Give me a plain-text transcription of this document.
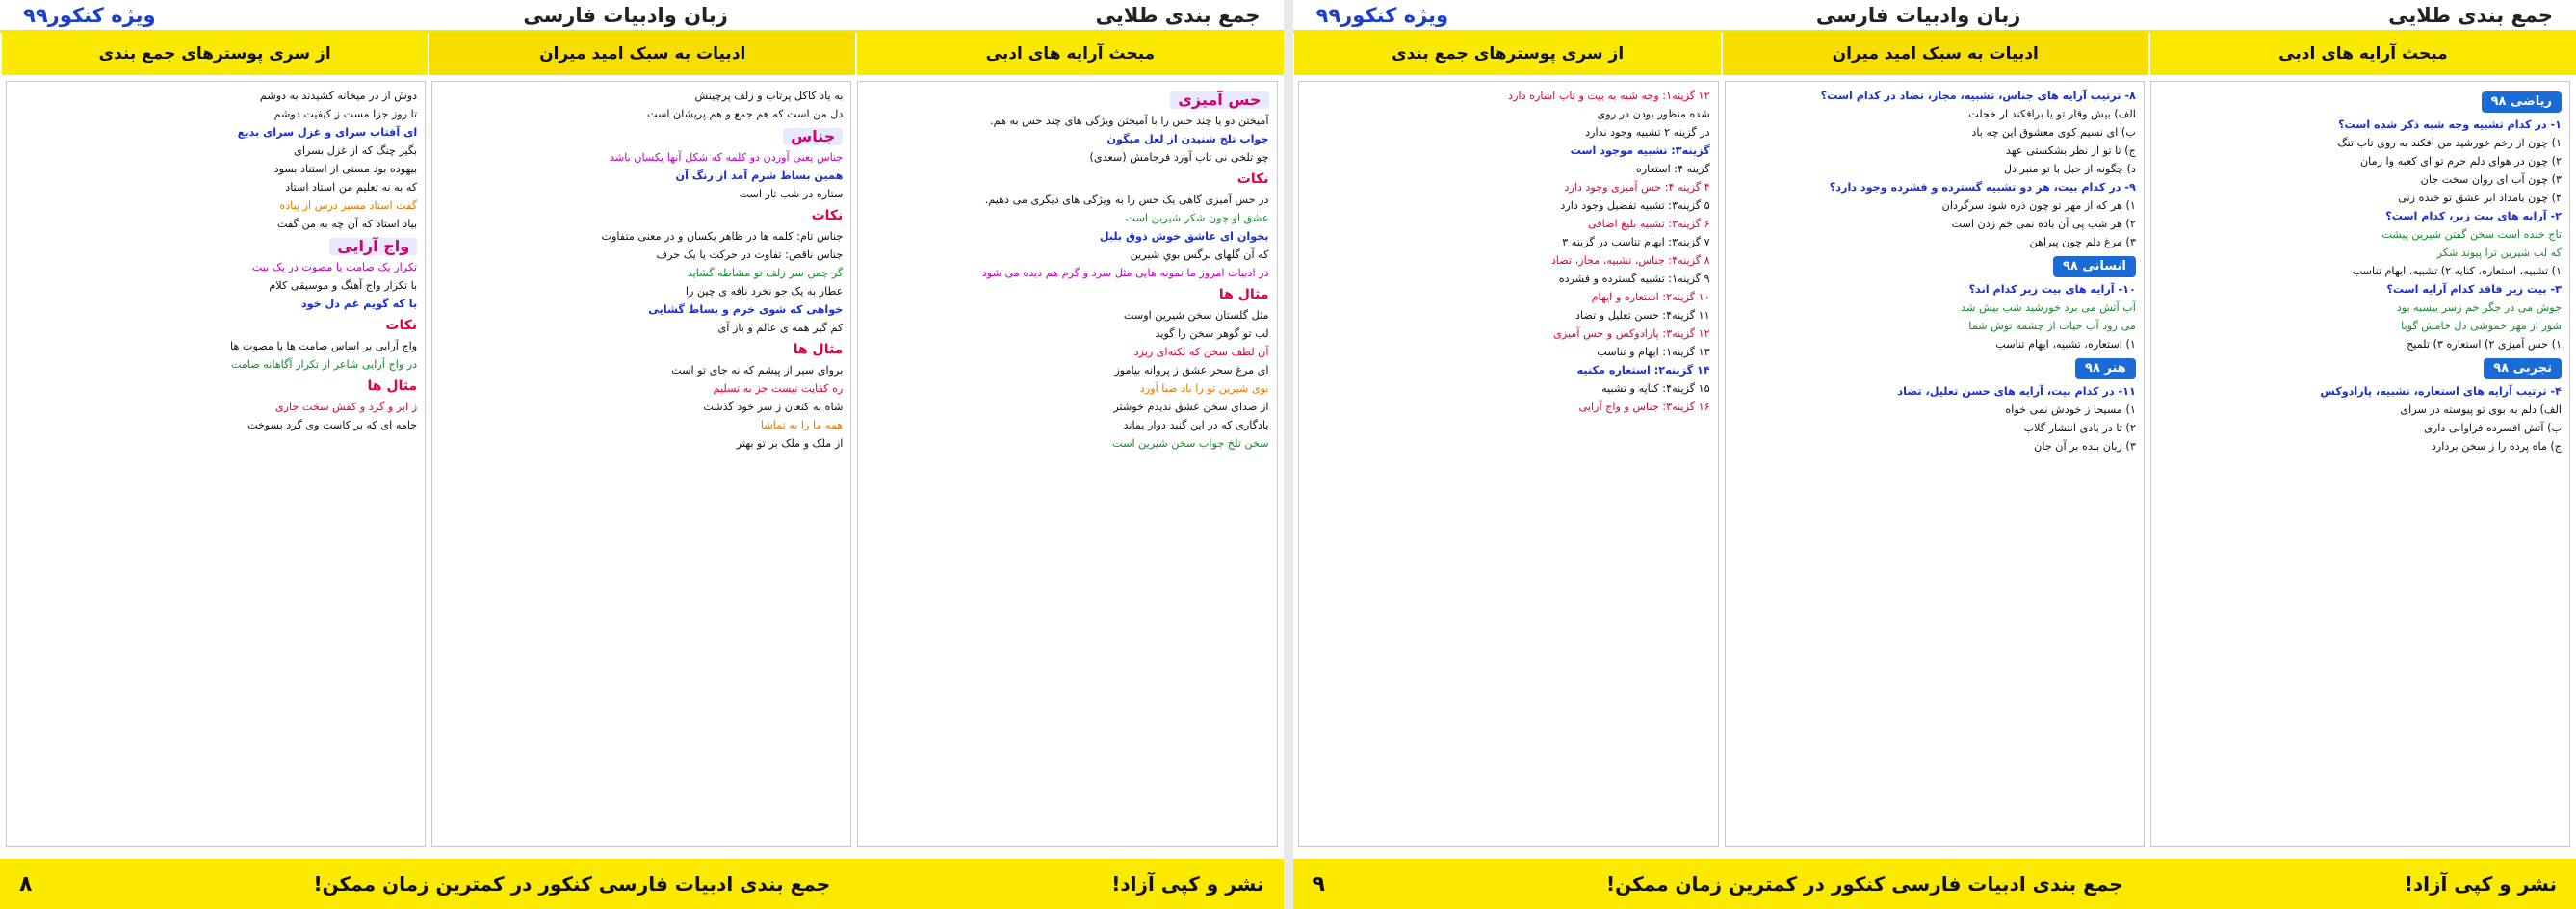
جمع بندی طلایی
زبان وادبیات فارسی
ویژه کنکور۹۹
مبحث آرایه های ادبی
ادبیات به سبک امید میران
از سری پوسترهای جمع بندی
حس آمیزی

آمیختن دو یا چند حس را با آمیختن ویژگی های چند حس به هم.

جواب تلخ شنیدن از لعل میگون

چو تلخی نی تاب آورد فرجامش (سعدی)

نکات

در حس آمیزی گاهی یک حس را به ویژگی های دیگری می دهیم.

عشق او چون شکر شیرین است

بخوان ای عاشق خوش ذوق بلبل

که آن گلهای نرگس بویِ شیرین

در ادبیات امروز ما نمونه هایی مثل سرد و گرم هم دیده می شود

مثال ها

مثل گلستان سخن شیرین اوست

لب تو گوهر سخن را گوید

آن لطف سخن که نکته‌ای ریزد

ای مرغ سحر عشق ز پروانه بیاموز

بوی شیرین تو را باد صبا آورد

از صدای سخن عشق ندیدم خوشتر

یادگاری که در این گنبد دوار بماند

سخن تلخ جواب سخن شیرین است

به یاد کاکل پرتاب و زلف پرچینش

دل من است که هم جمع و هم پریشان است

جناس

جناس یعنی آوردن دو کلمه که شکل آنها یکسان باشد

همین بساط شرم آمد از رنگ آن

ستاره در شب تار است

نکات

جناس تام: کلمه ها در ظاهر یکسان و در معنی متفاوت

جناس ناقص: تفاوت در حرکت یا یک حرف

گر چمن سر زلف تو مشاطه گشاید

عطار به یک جو نخرد نافه ی چین را

خواهی که شوی خرم و بساط گشایی

کم گیر همه ی عالم و باز آی

مثال ها

بروای سیر از پیشم که نه جای تو است

ره کفایت نیست جز به تسلیم

شاه به کنعان ز سر خود گذشت

همه ما را به تماشا

از ملک و ملک بر تو بهتر

دوش از در میخانه کشیدند به دوشم

تا روز جزا مست ز کیفیت دوشم

ای آفتاب سرای و غزل سرای بدیع

بگیر چنگ که از غزل بسرای

بیهوده بود مستی از استناد بسود

که به نه تعلیم من استاد استاد

گفت استاد مسیر درس از پیاده

بیاد استاد که آن چه به من گفت

واج آرایی

تکرار یک صامت یا مصوت در یک بیت

با تکرار واج آهنگ و موسیقی کلام

با که گویم غم دل خود

نکات

واج آرایی بر اساس صامت ها یا مصوت ها

در واج آرایی شاعر از تکرار آگاهانه صامت

مثال ها

ز ابر و گرد و کفش سخت جاری

جامه ای که بر کاست وی گرد بسوخت

نشر و کپی آزاد!
جمع بندی ادبیات فارسی کنکور در کمترین زمان ممکن!
۸
جمع بندی طلایی
زبان وادبیات فارسی
ویژه کنکور۹۹
مبحث آرایه های ادبی
ادبیات به سبک امید میران
از سری پوسترهای جمع بندی
ریاضی ۹۸

۱- در کدام تشبیه وجه شبه ذکر شده است؟

۱) چون از رخم خورشید من افکند به روی تاب تنگ

۲) چون در هوای دلم حرم تو ای کعبه وا زمان

۳) چون آب ای روان سخت جان

۴) چون بامداد ابر عشق تو خنده زنی

۲- آرایه های بیت زیر، کدام است؟

تاج خنده است سخن گفتن شیرین پیشت

که لب شیرین ترا پیوند شکر

۱) تشبیه، استعاره، کنایه ۲) تشبیه، ایهام تناسب

۳- بیت زیر فاقد کدام آرایه است؟

جوش می در جگر خم زسر ییسبه بود

شور از مهر خموشی دل خامش گوبا

۱) حس آمیزی ۲) استعاره ۳) تلمیح

تجربی ۹۸

۴- ترتیب آرایه های استعاره، تشبیه، پارادوکس

الف) دلم به بوی تو پیوسته در سرای

ب) آتش افسرده فراوانی داری

ج) ماه پرده را ز سخن بردارد

۸- ترتیب آرایه های جناس، تشبیه، مجاز، تضاد در کدام است؟

الف) بیش وقار تو یا برافکند ار خجلت

ب) ای نسیم کوی معشوق این چه باد

ج) تا تو از نظر بشکستی عهد

د) چگونه از حبل با تو منبر دل

۹- در کدام بیت، هر دو تشبیه گسترده و فشرده وجود دارد؟

۱) هر که از مهر تو چون ذره شود سرگردان

۲) هر شب پی آن باده نمی خم زدن است

۳) مرغ دلم چون پیراهن

انسانی ۹۸

۱۰- آرایه های بیت زیر کدام اند؟

آب آتش می برد خورشید شب بیش شد

می رود آب حیات از چشمه نوش شما

۱) استعاره، تشبیه، ایهام تناسب

هنر ۹۸

۱۱- در کدام بیت، آرایه های حسن تعلیل، تضاد

۱) مسیحا ز خودش نمی خواه

۲) تا در بادی انتشار گلاب

۳) زبان بنده بر آن جان

۱۲ گزینه۱: وجه شبه به بیت و تاب اشاره دارد

شده منظور بودن در روی

در گزینه ۲ تشبیه وجود ندارد

گزینه۳: تشبیه موجود است

گزینه ۴: استعاره

۴ گزینه ۴: حس آمیزی وجود دارد

۵ گزینه۳: تشبیه تفضیل وجود دارد

۶ گزینه۳: تشبیه بلیغ اضافی

۷ گزینه۳: ایهام تناسب در گزینه ۳

۸ گزینه۴: جناس، تشبیه، مجاز، تضاد

۹ گزینه۱: تشبیه گسترده و فشرده

۱۰ گزینه۲: استعاره و ایهام

۱۱ گزینه۴: حسن تعلیل و تضاد

۱۲ گزینه۳: پارادوکس و حس آمیزی

۱۳ گزینه۱: ایهام و تناسب

۱۴ گزینه۲: استعاره مکنیه

۱۵ گزینه۴: کنایه و تشبیه

۱۶ گزینه۳: جناس و واج آرایی

نشر و کپی آزاد!
جمع بندی ادبیات فارسی کنکور در کمترین زمان ممکن!
۹
